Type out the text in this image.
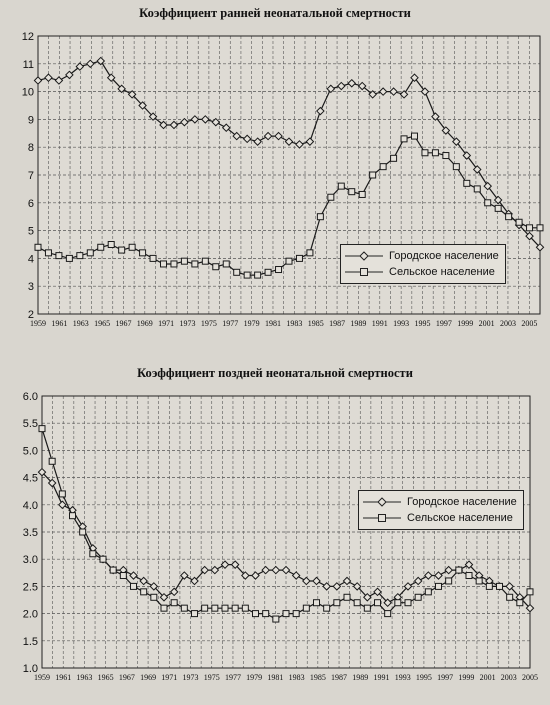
Коэффициент ранней неонатальной смертности
Коэффициент поздней неонатальной смертности
2
3
4
5
6
7
8
9
10
11
12
1959 1961 1963 1965 1967 1969 1971 1973 1975 1977 1979 1981 1983 1985 1987 1989 1991 1993 1995 1997 1999 2001 2003 2005
1.0
1.5
2.0
2.5
3.0
3.5
4.0
4.5
5.0
5.5
6.0
1959 1961 1963 1965 1967 1969 1971 1973 1975 1977 1979 1981 1983 1985 1987 1989 1991 1993 1995 1997 1999 2001 2003 2005
Городское население
Сельское население
Городское население
Сельское население
